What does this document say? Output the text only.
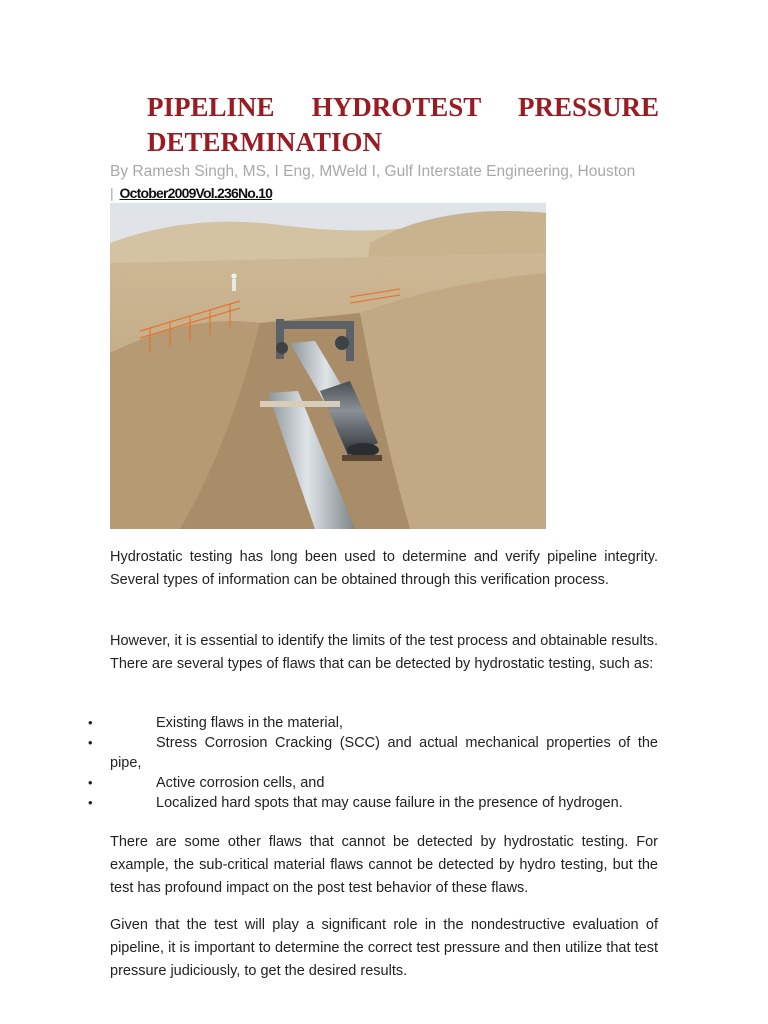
PIPELINE HYDROTEST PRESSURE
DETERMINATION

By Ramesh Singh, MS, I Eng, MWeld I, Gulf Interstate Engineering, Houston

| October2009Vol.236No.10

Hydrostatic testing has long been used to determine and verify pipeline integrity. Several types of information can be obtained through this verification process.

However, it is essential to identify the limits of the test process and obtainable results. There are several types of flaws that can be detected by hydrostatic testing, such as:

•	Existing flaws in the material,
•	Stress Corrosion Cracking (SCC) and actual mechanical properties of the pipe,
•	Active corrosion cells, and
•	Localized hard spots that may cause failure in the presence of hydrogen.

There are some other flaws that cannot be detected by hydrostatic testing. For example, the sub-critical material flaws cannot be detected by hydro testing, but the test has profound impact on the post test behavior of these flaws.

Given that the test will play a significant role in the nondestructive evaluation of pipeline, it is important to determine the correct test pressure and then utilize that test pressure judiciously, to get the desired results.
